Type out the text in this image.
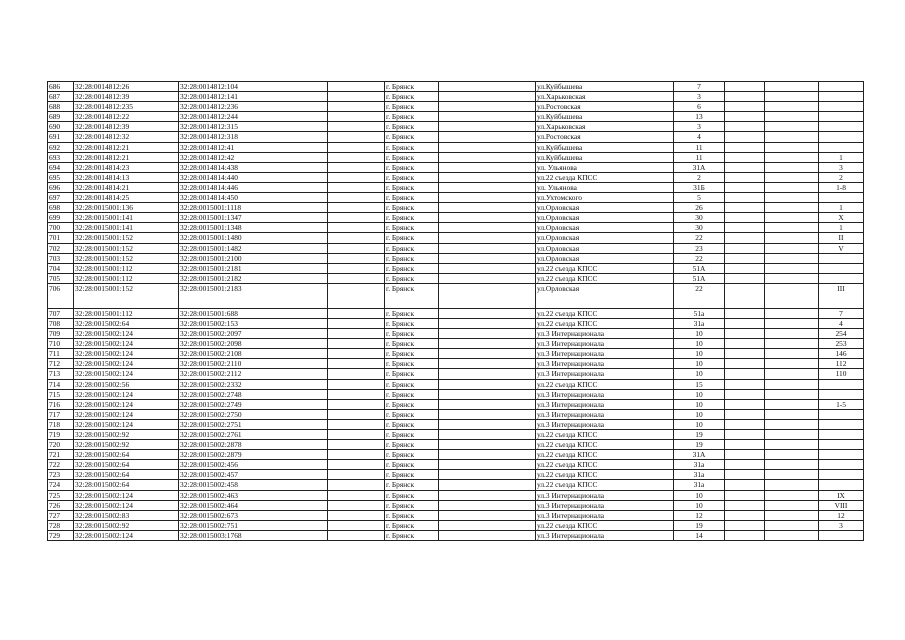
686	32:28:0014812:26	32:28:0014812:104		г. Брянск		ул.Куйбышева	7			
687	32:28:0014812:39	32:28:0014812:141		г. Брянск		ул.Харьковская	3			
688	32:28:0014812:235	32:28:0014812:236		г. Брянск		ул.Ростовская	6			
689	32:28:0014812:22	32:28:0014812:244		г. Брянск		ул.Куйбышева	13			
690	32:28:0014812:39	32:28:0014812:315		г. Брянск		ул.Харьковская	3			
691	32:28:0014812:32	32:28:0014812:318		г. Брянск		ул.Ростовская	4			
692	32:28:0014812:21	32:28:0014812:41		г. Брянск		ул.Куйбышева	11			
693	32:28:0014812:21	32:28:0014812:42		г. Брянск		ул.Куйбышева	11			1
694	32:28:0014814:23	32:28:0014814:438		г. Брянск		ул. Ульянова	31А			3
695	32:28:0014814:13	32:28:0014814:440		г. Брянск		ул.22 съезда КПСС	2			2
696	32:28:0014814:21	32:28:0014814:446		г. Брянск		ул. Ульянова	31Б			1-8
697	32:28:0014814:25	32:28:0014814:450		г. Брянск		ул.Ухтомского	5			
698	32:28:0015001:136	32:28:0015001:1118		г. Брянск		ул.Орловская	26			1
699	32:28:0015001:141	32:28:0015001:1347		г. Брянск		ул.Орловская	30			X
700	32:28:0015001:141	32:28:0015001:1348		г. Брянск		ул.Орловская	30			1
701	32:28:0015001:152	32:28:0015001:1480		г. Брянск		ул.Орловская	22			II
702	32:28:0015001:152	32:28:0015001:1482		г. Брянск		ул.Орловская	23			V
703	32:28:0015001:152	32:28:0015001:2100		г. Брянск		ул.Орловская	22			
704	32:28:0015001:112	32:28:0015001:2181		г. Брянск		ул.22 съезда КПСС	51А			
705	32:28:0015001:112	32:28:0015001:2182		г. Брянск		ул.22 съезда КПСС	51А			
706	32:28:0015001:152	32:28:0015001:2183		г. Брянск		ул.Орловская	22			III
707	32:28:0015001:112	32:28:0015001:688		г. Брянск		ул.22 съезда КПСС	51а			7
708	32:28:0015002:64	32:28:0015002:153		г. Брянск		ул.22 съезда КПСС	31а			4
709	32:28:0015002:124	32:28:0015002:2097		г. Брянск		ул.3 Интернационала	10			254
710	32:28:0015002:124	32:28:0015002:2098		г. Брянск		ул.3 Интернационала	10			253
711	32:28:0015002:124	32:28:0015002:2108		г. Брянск		ул.3 Интернационала	10			146
712	32:28:0015002:124	32:28:0015002:2110		г. Брянск		ул.3 Интернационала	10			112
713	32:28:0015002:124	32:28:0015002:2112		г. Брянск		ул.3 Интернационала	10			110
714	32:28:0015002:56	32:28:0015002:2332		г. Брянск		ул.22 съезда КПСС	15			
715	32:28:0015002:124	32:28:0015002:2748		г. Брянск		ул.3 Интернационала	10			
716	32:28:0015002:124	32:28:0015002:2749		г. Брянск		ул.3 Интернационала	10			1-5
717	32:28:0015002:124	32:28:0015002:2750		г. Брянск		ул.3 Интернационала	10			
718	32:28:0015002:124	32:28:0015002:2751		г. Брянск		ул.3 Интернационала	10			
719	32:28:0015002:92	32:28:0015002:2761		г. Брянск		ул.22 съезда КПСС	19			
720	32:28:0015002:92	32:28:0015002:2878		г. Брянск		ул.22 съезда КПСС	19			
721	32:28:0015002:64	32:28:0015002:2879		г. Брянск		ул.22 съезда КПСС	31А			
722	32:28:0015002:64	32:28:0015002:456		г. Брянск		ул.22 съезда КПСС	31а			
723	32:28:0015002:64	32:28:0015002:457		г. Брянск		ул.22 съезда КПСС	31а			
724	32:28:0015002:64	32:28:0015002:458		г. Брянск		ул.22 съезда КПСС	31а			
725	32:28:0015002:124	32:28:0015002:463		г. Брянск		ул.3 Интернационала	10			IX
726	32:28:0015002:124	32:28:0015002:464		г. Брянск		ул.3 Интернационала	10			VIII
727	32:28:0015002:83	32:28:0015002:673		г. Брянск		ул.3 Интернационала	12			12
728	32:28:0015002:92	32:28:0015002:751		г. Брянск		ул.22 съезда КПСС	19			3
729	32:28:0015002:124	32:28:0015003:1768		г. Брянск		ул.3 Интернационала	14			
